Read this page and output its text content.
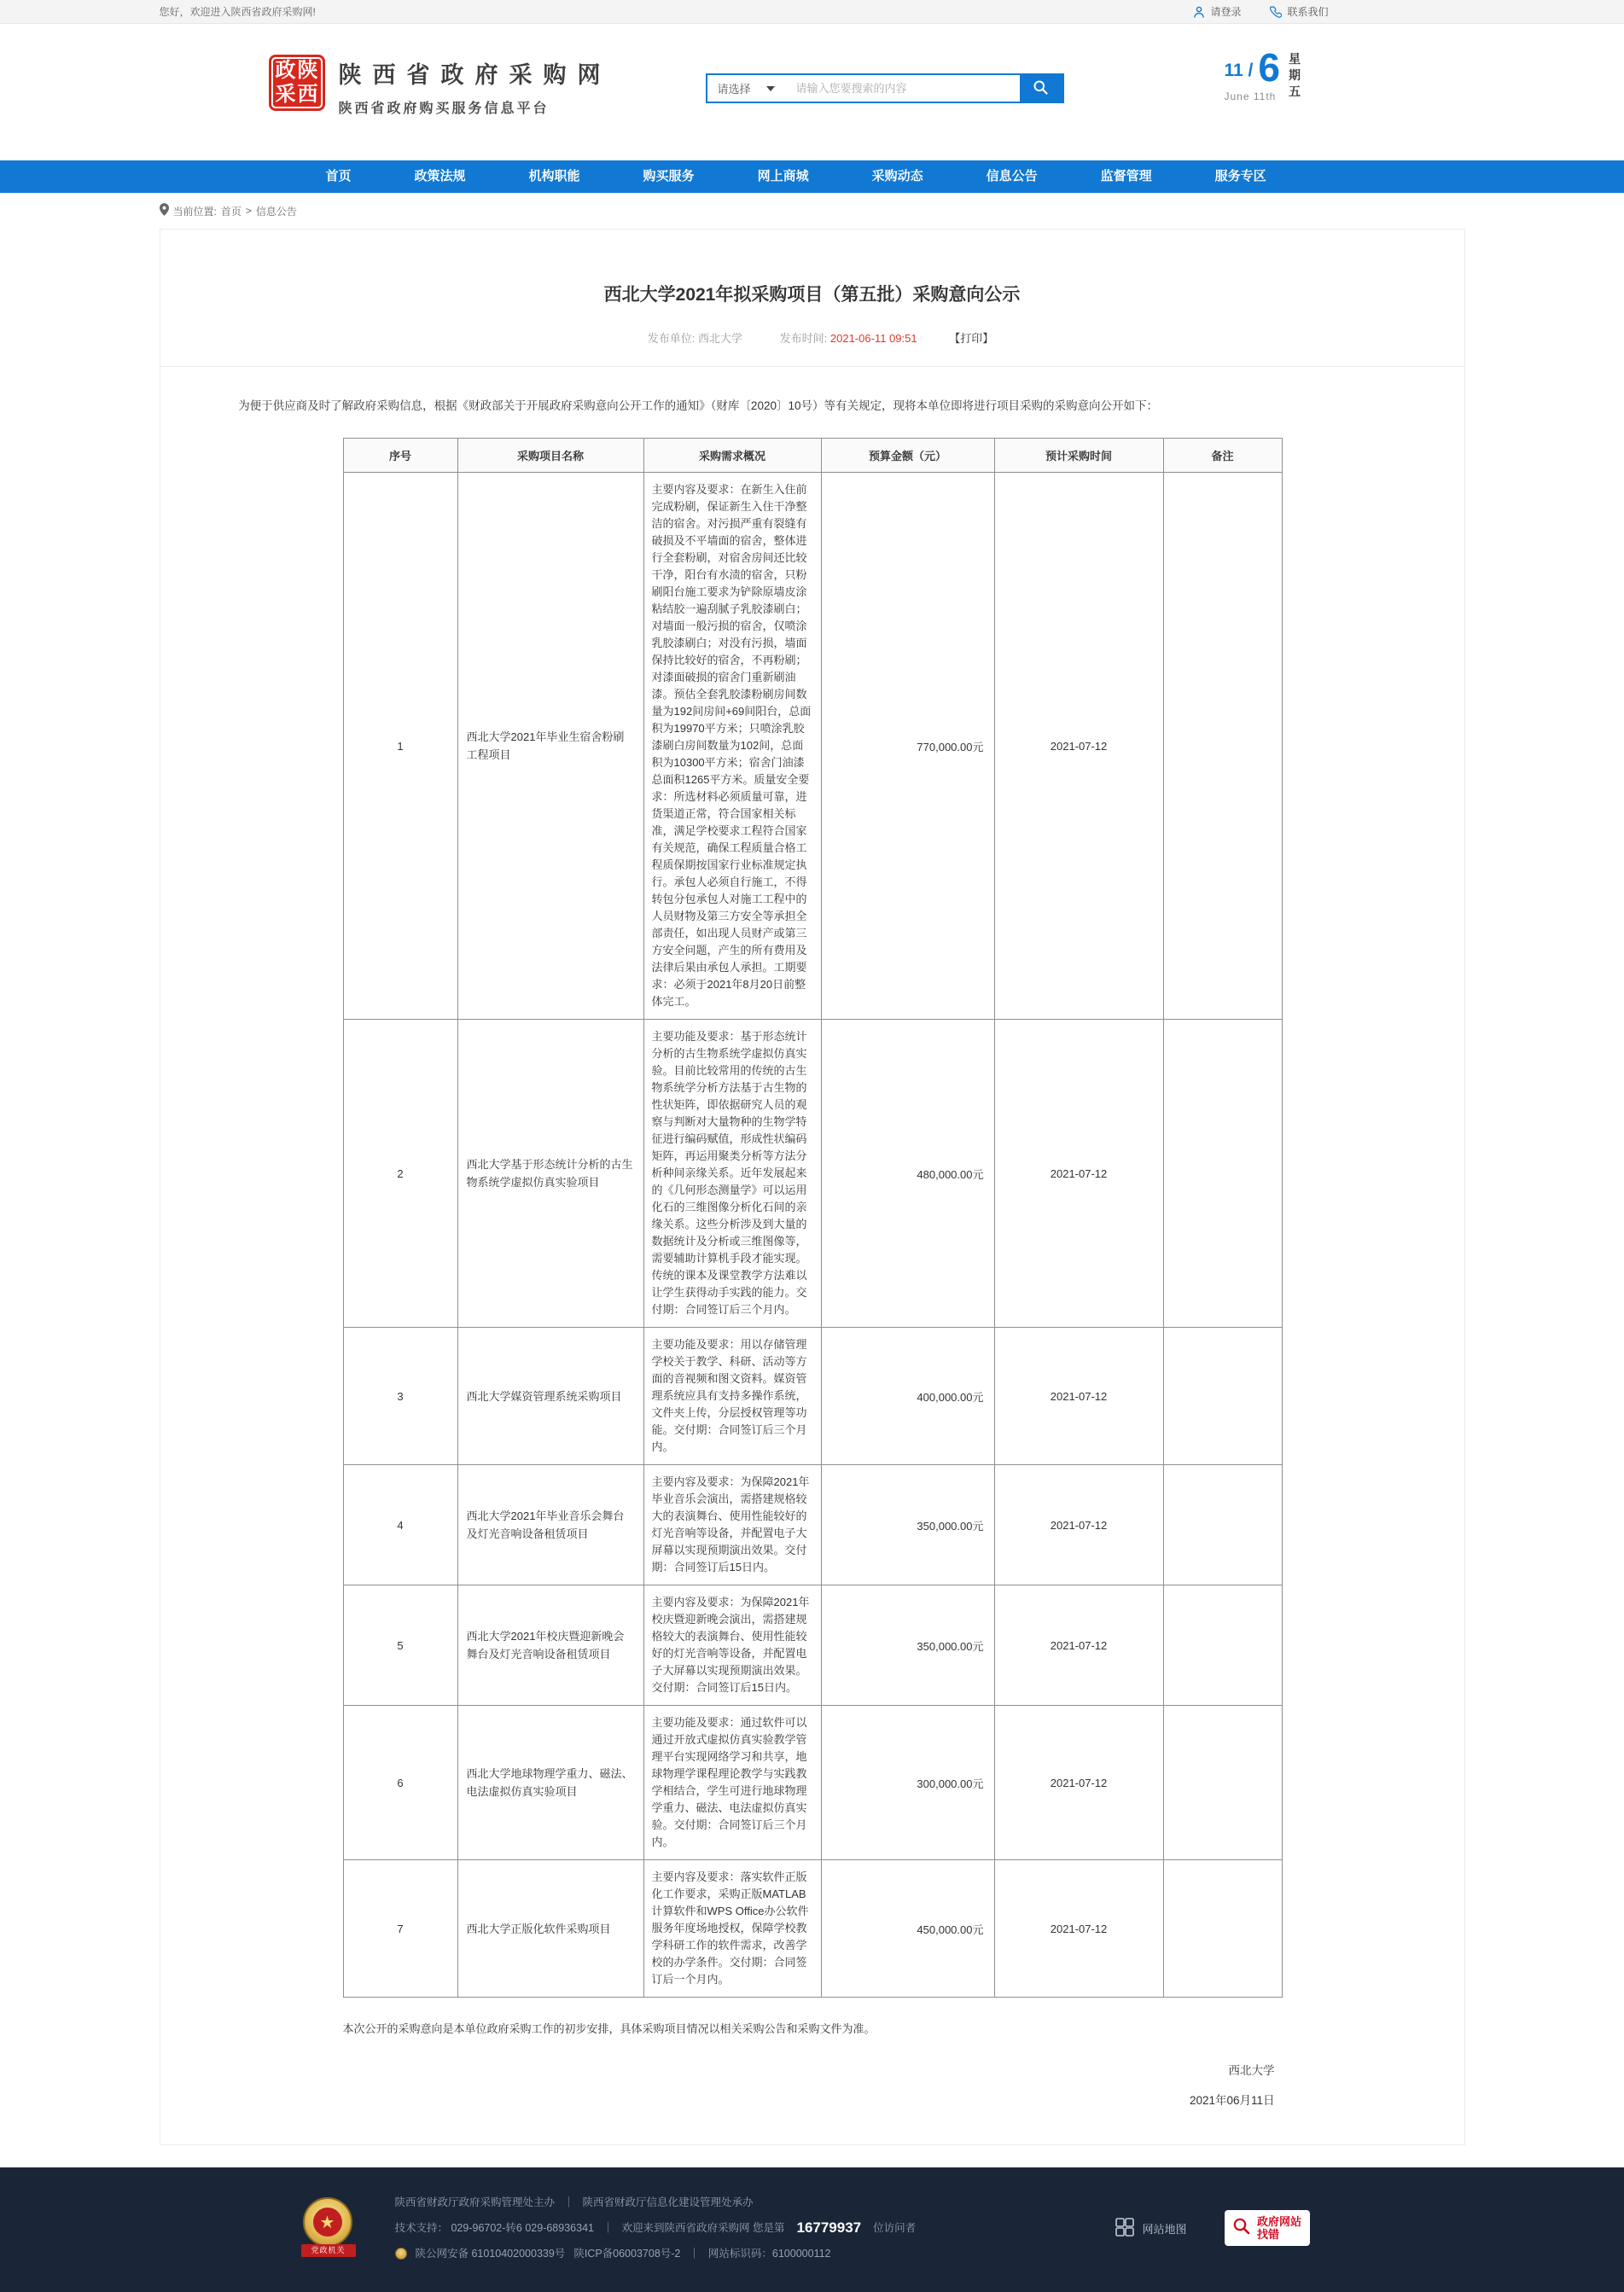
您好，欢迎进入陕西省政府采购网!	请登录	联系我们
政陕
采西
陕西省政府采购网
陕西省政府购买服务信息平台
请选择
请输入您要搜索的内容
11 / 6
June 11th
星期五
首页	政策法规	机构职能	购买服务	网上商城	采购动态	信息公告	监督管理	服务专区
当前位置: 首页 > 信息公告
西北大学2021年拟采购项目（第五批）采购意向公示
发布单位: 西北大学	发布时间: 2021-06-11 09:51	【打印】

为便于供应商及时了解政府采购信息，根据《财政部关于开展政府采购意向公开工作的通知》（财库〔2020〕10号）等有关规定，现将本单位即将进行项目采购的采购意向公开如下：

序号	采购项目名称	采购需求概况	预算金额（元）	预计采购时间	备注
1	西北大学2021年毕业生宿舍粉刷工程项目	主要内容及要求：在新生入住前完成粉刷，保证新生入住干净整洁的宿舍。对污损严重有裂缝有破损及不平墙面的宿舍，整体进行全套粉刷，对宿舍房间还比较干净，阳台有水渍的宿舍，只粉刷阳台施工要求为铲除原墙皮涂粘结胶一遍刮腻子乳胶漆刷白；对墙面一般污损的宿舍，仅喷涂乳胶漆刷白；对没有污损，墙面保持比较好的宿舍，不再粉刷；对漆面破损的宿舍门重新刷油漆。预估全套乳胶漆粉刷房间数量为192间房间+69间阳台，总面积为19970平方米；只喷涂乳胶漆刷白房间数量为102间，总面积为10300平方米；宿舍门油漆总面积1265平方米。质量安全要求：所选材料必须质量可靠，进货渠道正常，符合国家相关标准，满足学校要求工程符合国家有关规范，确保工程质量合格工程质保期按国家行业标准规定执行。承包人必须自行施工，不得转包分包承包人对施工工程中的人员财物及第三方安全等承担全部责任，如出现人员财产或第三方安全问题，产生的所有费用及法律后果由承包人承担。工期要求：必须于2021年8月20日前整体完工。	770,000.00元	2021-07-12	
2	西北大学基于形态统计分析的古生物系统学虚拟仿真实验项目	主要功能及要求：基于形态统计分析的古生物系统学虚拟仿真实验。目前比较常用的传统的古生物系统学分析方法基于古生物的性状矩阵，即依据研究人员的观察与判断对大量物种的生物学特征进行编码赋值，形成性状编码矩阵，再运用聚类分析等方法分析种间亲缘关系。近年发展起来的《几何形态测量学》可以运用化石的三维图像分析化石间的亲缘关系。这些分析涉及到大量的数据统计及分析或三维图像等，需要辅助计算机手段才能实现。传统的课本及课堂教学方法难以让学生获得动手实践的能力。交付期：合同签订后三个月内。	480,000.00元	2021-07-12	
3	西北大学媒资管理系统采购项目	主要功能及要求：用以存储管理学校关于教学、科研、活动等方面的音视频和图文资料。媒资管理系统应具有支持多操作系统，文件夹上传，分层授权管理等功能。交付期：合同签订后三个月内。	400,000.00元	2021-07-12	
4	西北大学2021年毕业音乐会舞台及灯光音响设备租赁项目	主要内容及要求：为保障2021年毕业音乐会演出，需搭建规格较大的表演舞台、使用性能较好的灯光音响等设备，并配置电子大屏幕以实现预期演出效果。交付期：合同签订后15日内。	350,000.00元	2021-07-12	
5	西北大学2021年校庆暨迎新晚会舞台及灯光音响设备租赁项目	主要内容及要求：为保障2021年校庆暨迎新晚会演出，需搭建规格较大的表演舞台、使用性能较好的灯光音响等设备，并配置电子大屏幕以实现预期演出效果。交付期：合同签订后15日内。	350,000.00元	2021-07-12	
6	西北大学地球物理学重力、磁法、电法虚拟仿真实验项目	主要功能及要求：通过软件可以通过开放式虚拟仿真实验教学管理平台实现网络学习和共享，地球物理学课程理论教学与实践教学相结合，学生可进行地球物理学重力、磁法、电法虚拟仿真实验。交付期：合同签订后三个月内。	300,000.00元	2021-07-12	
7	西北大学正版化软件采购项目	主要内容及要求：落实软件正版化工作要求，采购正版MATLAB计算软件和WPS Office办公软件服务年度场地授权，保障学校教学科研工作的软件需求，改善学校的办学条件。交付期：合同签订后一个月内。	450,000.00元	2021-07-12	

本次公开的采购意向是本单位政府采购工作的初步安排，具体采购项目情况以相关采购公告和采购文件为准。

西北大学
2021年06月11日
★
党政机关
陕西省财政厅政府采购管理处主办 ｜ 陕西省财政厅信息化建设管理处承办
技术支持： 029-96702-转6 029-68936341 ｜ 欢迎来到陕西省政府采购网 您是第 16779937 位访问者
陕公网安备 61010402000339号 陕ICP备06003708号-2 ｜ 网站标识码：6100000112
网站地图
政府网站
找错
